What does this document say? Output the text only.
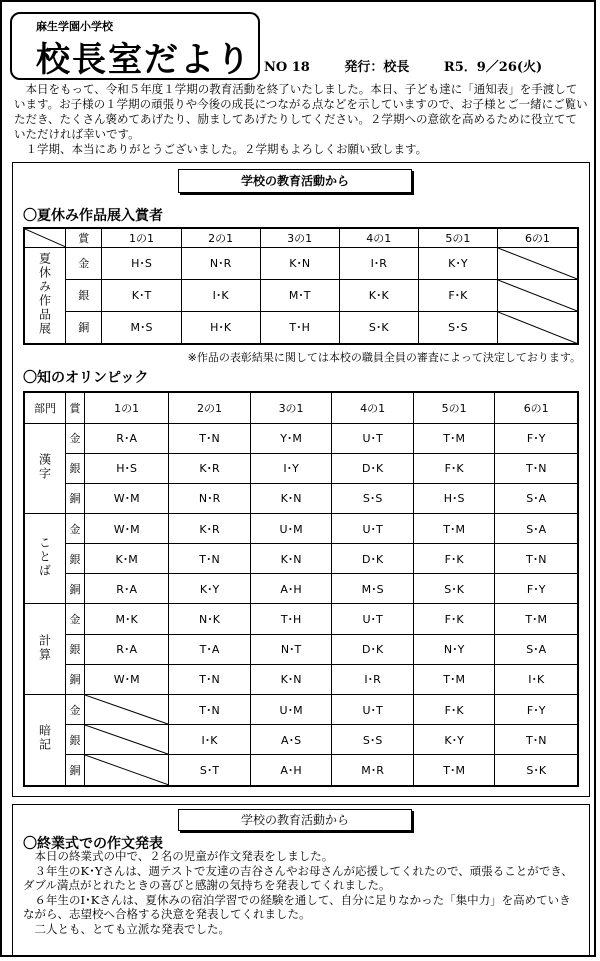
麻生学園小学校
校長室だより NO 18	発行：校長	R5．9／26(火)

本日をもって、令和５年度１学期の教育活動を終了いたしました。本日、子ども達に「通知表」を手渡しています。お子様の１学期の頑張りや今後の成長につながる点などを示していますので、お子様とご一緒にご覧いただき、たくさん褒めてあげたり、励ましてあげたりしてください。２学期への意欲を高めるために役立てていただければ幸いです。

１学期、本当にありがとうございました。２学期もよろしくお願い致します。

学校の教育活動から
〇夏休み作品展入賞者
	賞	1の1	2の1	3の1	4の1	5の1	6の1
夏休み作品展	金	H･S	N･R	K･N	I･R	K･Y	

	銀	K･T	I･K	M･T	K･K	F･K	

	銅	M･S	H･K	T･H	S･K	S･S	
※作品の表彰結果に関しては本校の職員全員の審査によって決定しております。
〇知のオリンピック
部門	賞	1の1	2の1	3の1	4の1	5の1	6の1
漢字	金	R･A	T･N	Y･M	U･T	T･M	F･Y
	銀	H･S	K･R	I･Y	D･K	F･K	T･N
	銅	W･M	N･R	K･N	S･S	H･S	S･A
ことば	金	W･M	K･R	U･M	U･T	T･M	S･A
	銀	K･M	T･N	K･N	D･K	F･K	T･N
	銅	R･A	K･Y	A･H	M･S	S･K	F･Y
計算	金	M･K	N･K	T･H	U･T	F･K	T･M
	銀	R･A	T･A	N･T	D･K	N･Y	S･A
	銅	W･M	T･N	K･N	I･R	T･M	I･K
暗記	金		T･N	U･M	U･T	F･K	F･Y
	銀		I･K	A･S	S･S	K･Y	T･N
	銅		S･T	A･H	M･R	T･M	S･K
学校の教育活動から
〇終業式での作文発表

本日の終業式の中で、２名の児童が作文発表をしました。

３年生のK･Yさんは、週テストで友達の吉谷さんやお母さんが応援してくれたので、頑張ることができ、ダブル満点がとれたときの喜びと感謝の気持ちを発表してくれました。

６年生のI･Kさんは、夏休みの宿泊学習での経験を通して、自分に足りなかった「集中力」を高めていきながら、志望校へ合格する決意を発表してくれました。

二人とも、とても立派な発表でした。
